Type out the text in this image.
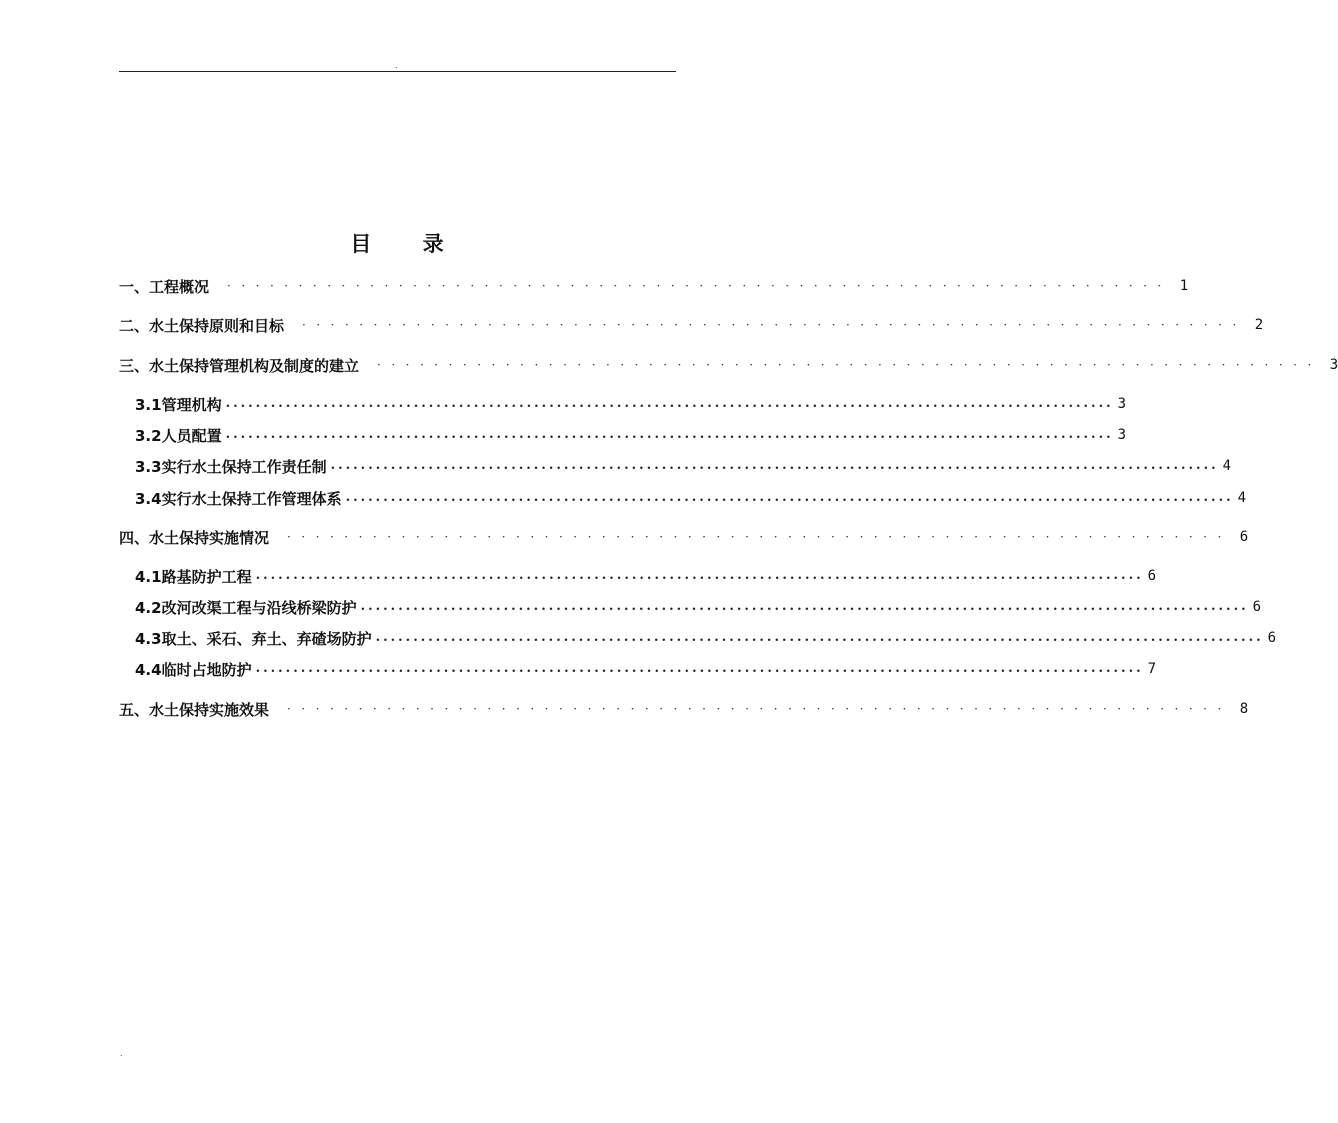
.
目 录
一、工程概况 ·································································· 1
二、水土保持原则和目标 ·································································· 2
三、水土保持管理机构及制度的建立 ·································································· 3
3.1管理机构 ...................................................................................................................... 3
3.2人员配置 ...................................................................................................................... 3
3.3实行水土保持工作责任制 ...................................................................................................................... 4
3.4实行水土保持工作管理体系 ...................................................................................................................... 4
四、水土保持实施情况 ·································································· 6
4.1路基防护工程 ...................................................................................................................... 6
4.2改河改渠工程与沿线桥梁防护 ...................................................................................................................... 6
4.3取土、采石、弃土、弃碴场防护 ...................................................................................................................... 6
4.4临时占地防护 ...................................................................................................................... 7
五、水土保持实施效果 ·································································· 8
.
